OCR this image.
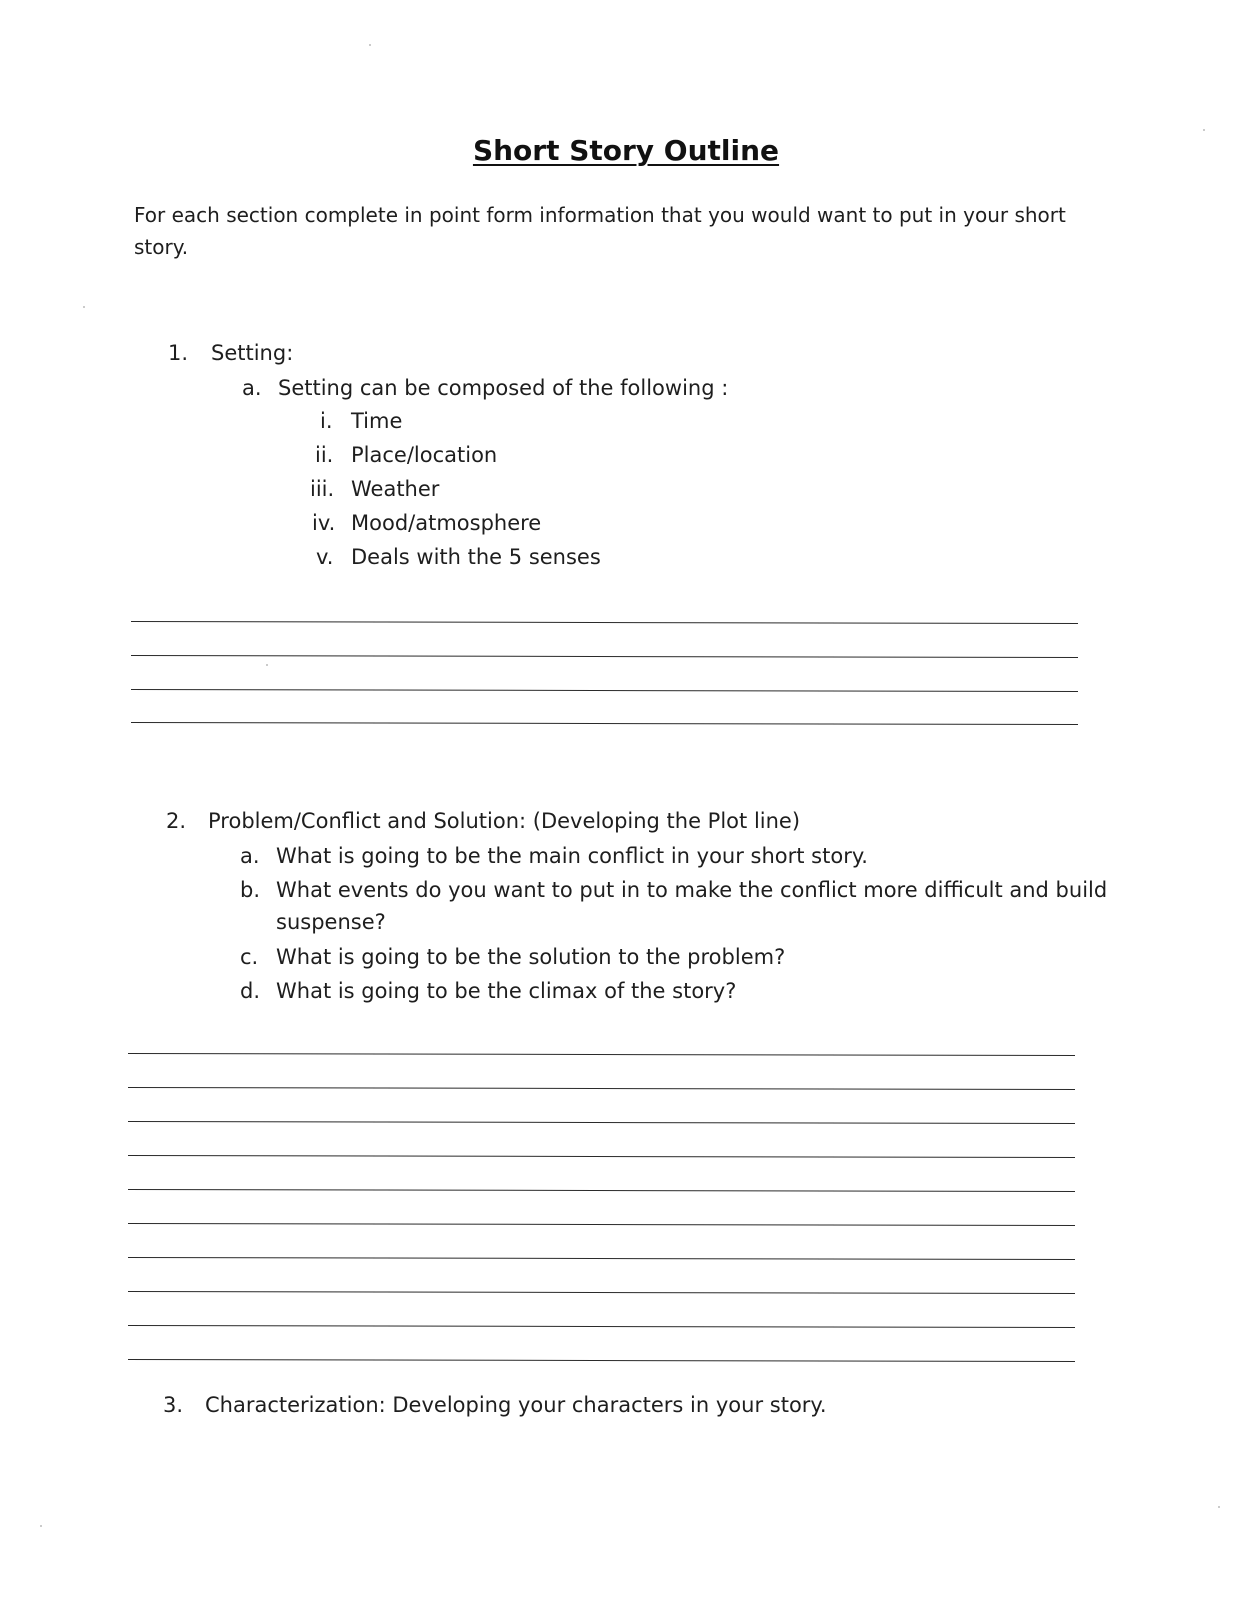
Short Story Outline
For each section complete in point form information that you would want to put in your short
story.
1. Setting:
a. Setting can be composed of the following :
i. Time
ii. Place/location
iii. Weather
iv. Mood/atmosphere
v. Deals with the 5 senses
2. Problem/Conflict and Solution: (Developing the Plot line)
a. What is going to be the main conflict in your short story.
b. What events do you want to put in to make the conflict more difficult and build
suspense?
c. What is going to be the solution to the problem?
d. What is going to be the climax of the story?
3. Characterization: Developing your characters in your story.
